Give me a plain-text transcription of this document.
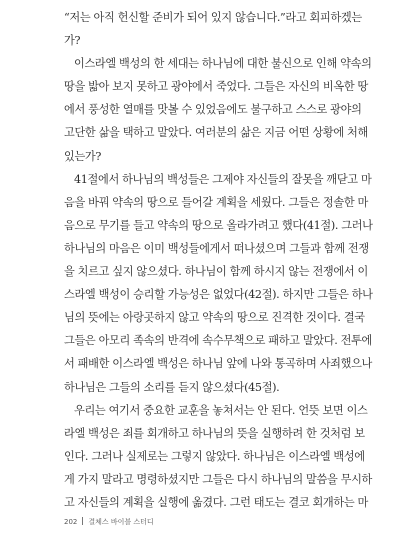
“저는 아직 헌신할 준비가 되어 있지 않습니다.”라고 회피하겠는
가?
이스라엘 백성의 한 세대는 하나님에 대한 불신으로 인해 약속의
땅을 밟아 보지 못하고 광야에서 죽었다. 그들은 자신의 비옥한 땅
에서 풍성한 열매를 맛볼 수 있었음에도 불구하고 스스로 광야의
고단한 삶을 택하고 말았다. 여러분의 삶은 지금 어떤 상황에 처해
있는가?
41절에서 하나님의 백성들은 그제야 자신들의 잘못을 깨닫고 마
음을 바꿔 약속의 땅으로 들어갈 계획을 세웠다. 그들은 정솔한 마
음으로 무기를 들고 약속의 땅으로 올라가려고 했다(41절). 그러나
하나님의 마음은 이미 백성들에게서 떠나셨으며 그들과 함께 전쟁
을 치르고 싶지 않으셨다. 하나님이 함께 하시지 않는 전쟁에서 이
스라엘 백성이 승리할 가능성은 없었다(42절). 하지만 그들은 하나
님의 뜻에는 아랑곳하지 않고 약속의 땅으로 진격한 것이다. 결국
그들은 아모리 족속의 반격에 속수무책으로 패하고 말았다. 전투에
서 패배한 이스라엘 백성은 하나님 앞에 나와 통곡하며 사죄했으나
하나님은 그들의 소리를 듣지 않으셨다(45절).
우리는 여기서 중요한 교훈을 놓쳐서는 안 된다. 언뜻 보면 이스
라엘 백성은 죄를 회개하고 하나님의 뜻을 실행하려 한 것처럼 보
인다. 그러나 실제로는 그렇지 않았다. 하나님은 이스라엘 백성에
게 가지 말라고 명령하셨지만 그들은 다시 하나님의 말씀을 무시하
고 자신들의 계획을 실행에 옮겼다. 그런 태도는 결코 회개하는 마
202 결체스 바이블 스터디
